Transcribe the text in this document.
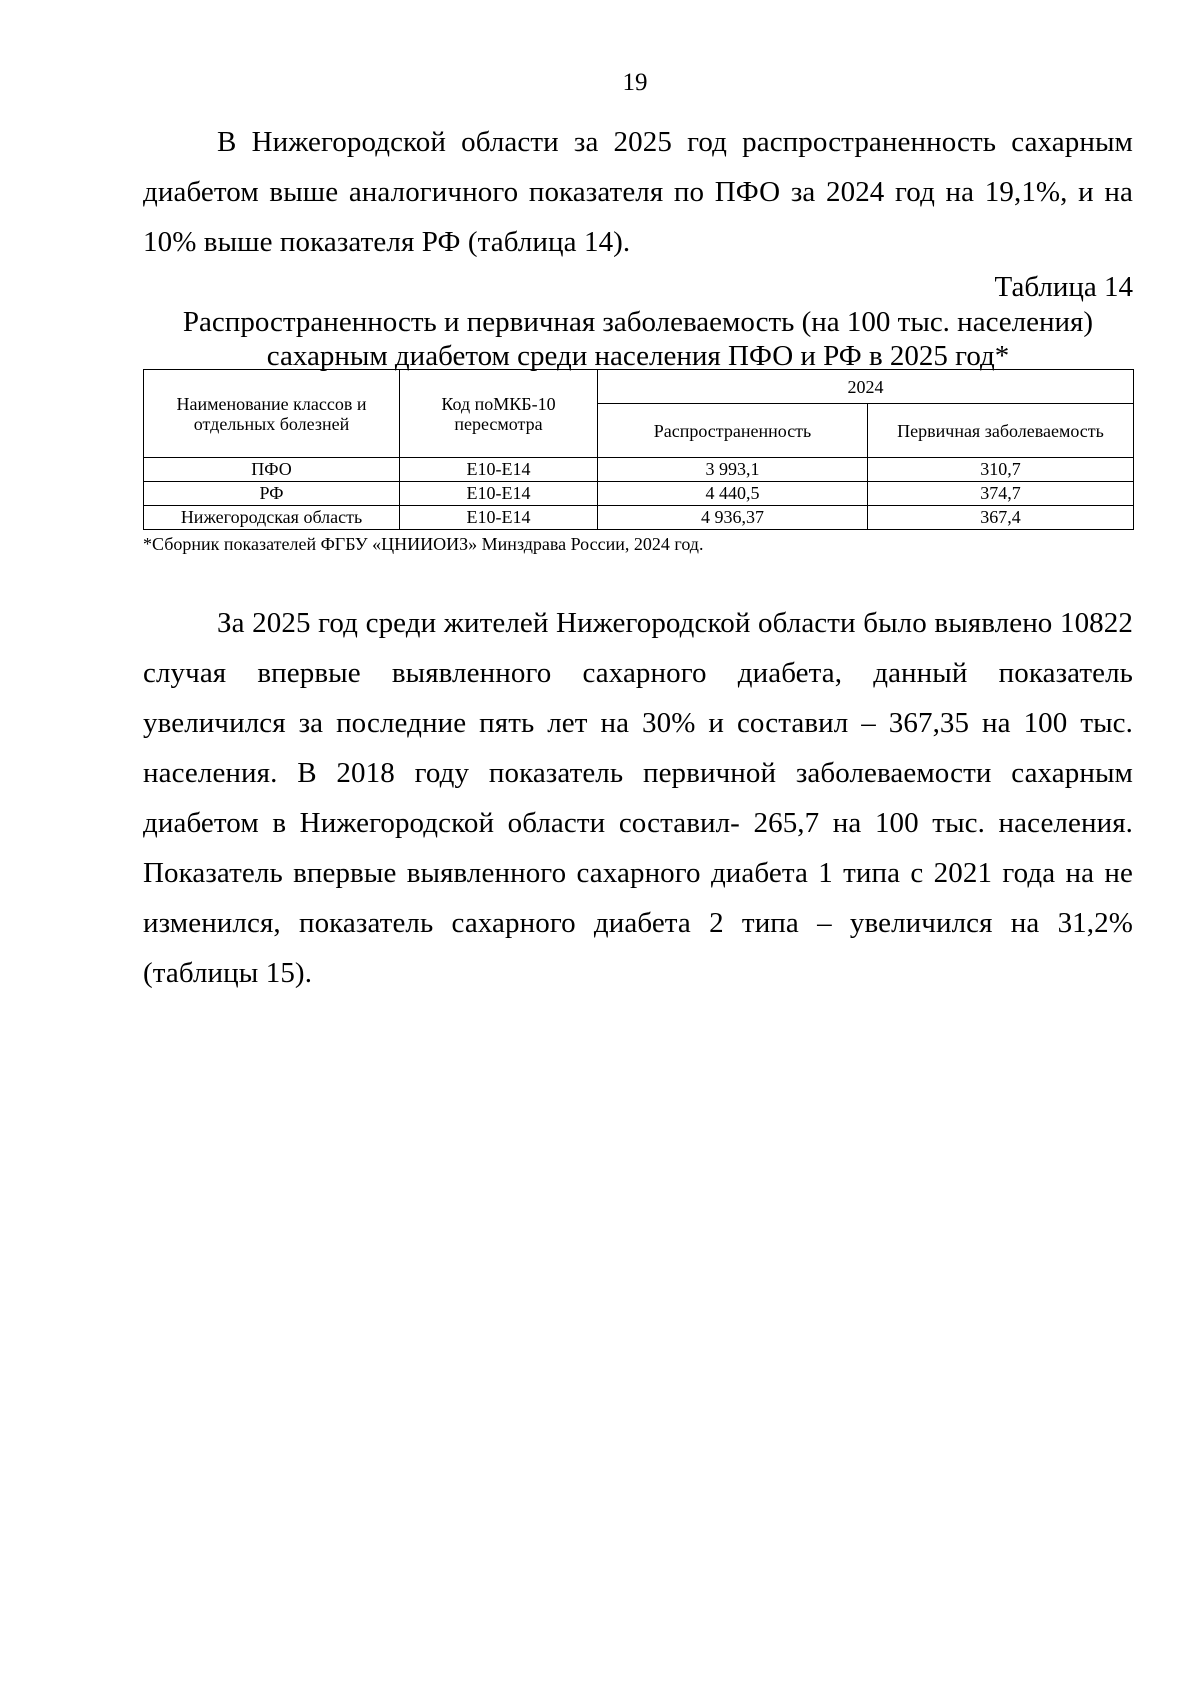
19

В Нижегородской области за 2025 год распространенность сахарным диабетом выше аналогичного показателя по ПФО за 2024 год на 19,1%, и на 10% выше показателя РФ (таблица 14).

Таблица 14
Распространенность и первичная заболеваемость (на 100 тыс. населения)
сахарным диабетом среди населения ПФО и РФ в 2025 год*
Наименование классов и отдельных болезней	Код поМКБ-10 пересмотра	2024	
		Распространенность	Первичная заболеваемость
ПФО	E10-E14	3 993,1	310,7
РФ	E10-E14	4 440,5	374,7
Нижегородская область	E10-E14	4 936,37	367,4
*Сборник показателей ФГБУ «ЦНИИОИЗ» Минздрава России, 2024 год.

За 2025 год среди жителей Нижегородской области было выявлено 10822 случая впервые выявленного сахарного диабета, данный показатель увеличился за последние пять лет на 30% и составил – 367,35 на 100 тыс. населения. В 2018 году показатель первичной заболеваемости сахарным диабетом в Нижегородской области составил- 265,7 на 100 тыс. населения. Показатель впервые выявленного сахарного диабета 1 типа с 2021 года на не изменился, показатель сахарного диабета 2 типа – увеличился на 31,2% (таблицы 15).
